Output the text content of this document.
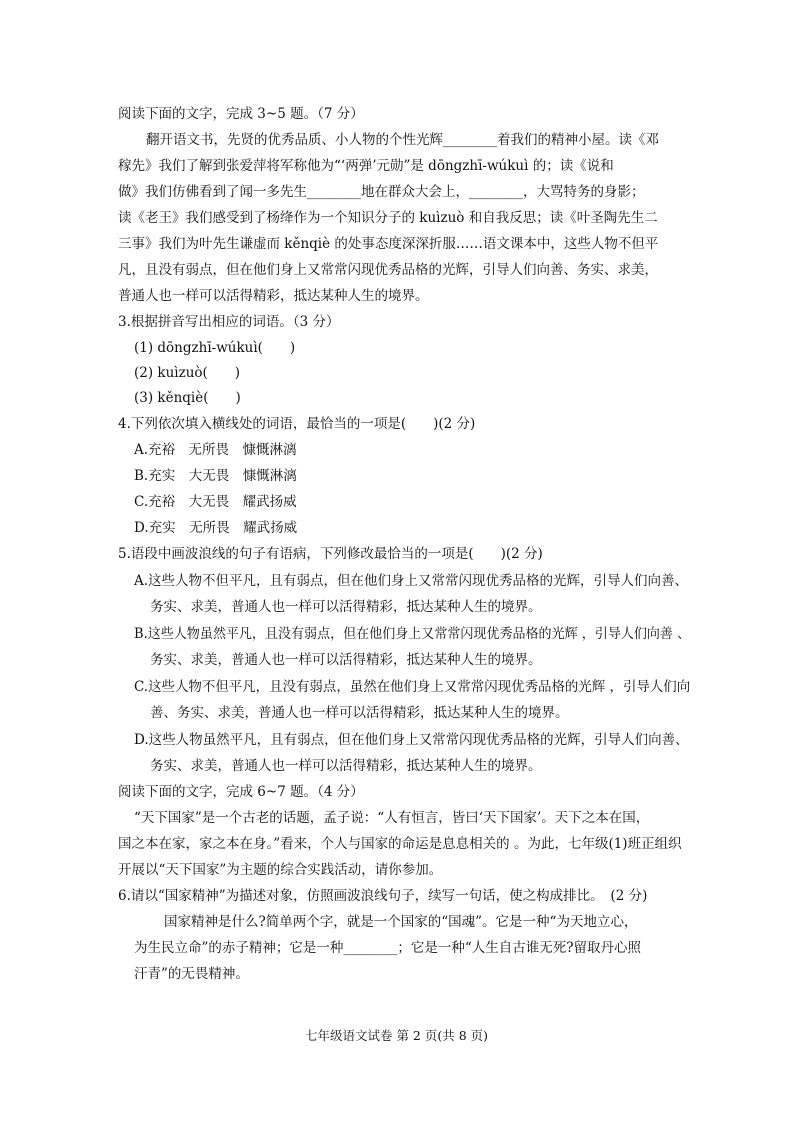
阅读下面的文字，完成 3~5 题。（7 分）
翻开语文书，先贤的优秀品质、小人物的个性光辉________着我们的精神小屋。读《邓
稼先》我们了解到张爱萍将军称他为“‘两弹’元勋”是 dōngzhī-wúkuì 的；读《说和
做》我们仿佛看到了闻一多先生________地在群众大会上，________，大骂特务的身影；
读《老王》我们感受到了杨绛作为一个知识分子的 kuìzuò 和自我反思；读《叶圣陶先生二
三事》我们为叶先生谦虚而 kěnqiè 的处事态度深深折服……语文课本中，这些人物不但平
凡，且没有弱点，但在他们身上又常常闪现优秀品格的光辉，引导人们向善、务实、求美，
普通人也一样可以活得精彩，抵达某种人生的境界。
3.根据拼音写出相应的词语。（3 分）
(1) dōngzhī-wúkuì(　　)
(2) kuìzuò(　　)
(3) kěnqiè(　　)
4.下列依次填入横线处的词语，最恰当的一项是(　　)(2 分)
A.充裕　无所畏　慷慨淋漓
B.充实　大无畏　慷慨淋漓
C.充裕　大无畏　耀武扬威
D.充实　无所畏　耀武扬威
5.语段中画波浪线的句子有语病，下列修改最恰当的一项是(　　)(2 分)
A.这些人物不但平凡，且有弱点，但在他们身上又常常闪现优秀品格的光辉，引导人们向善、
务实、求美，普通人也一样可以活得精彩，抵达某种人生的境界。
B.这些人物虽然平凡，且没有弱点，但在他们身上又常常闪现优秀品格的光辉 ，引导人们向善 、
务实、求美，普通人也一样可以活得精彩，抵达某种人生的境界。
C.这些人物不但平凡，且没有弱点，虽然在他们身上又常常闪现优秀品格的光辉 ，引导人们向
善、务实、求美，普通人也一样可以活得精彩，抵达某种人生的境界。
D.这些人物虽然平凡，且有弱点，但在他们身上又常常闪现优秀品格的光辉，引导人们向善、
务实、求美，普通人也一样可以活得精彩，抵达某种人生的境界。
阅读下面的文字，完成 6~7 题。（4 分）
“天下国家”是一个古老的话题，孟子说：“人有恒言，皆曰‘天下国家’。天下之本在国，
国之本在家，家之本在身。”看来，个人与国家的命运是息息相关的 。为此，七年级(1)班正组织
开展以“天下国家”为主题的综合实践活动，请你参加。
6.请以“国家精神”为描述对象，仿照画波浪线句子，续写一句话，使之构成排比。　(2 分)
国家精神是什么?简单两个字，就是一个国家的“国魂”。它是一种“为天地立心，
为生民立命”的赤子精神；它是一种________；它是一种“人生自古谁无死?留取丹心照
汗青”的无畏精神。
七年级语文试卷 第 2 页(共 8 页)
